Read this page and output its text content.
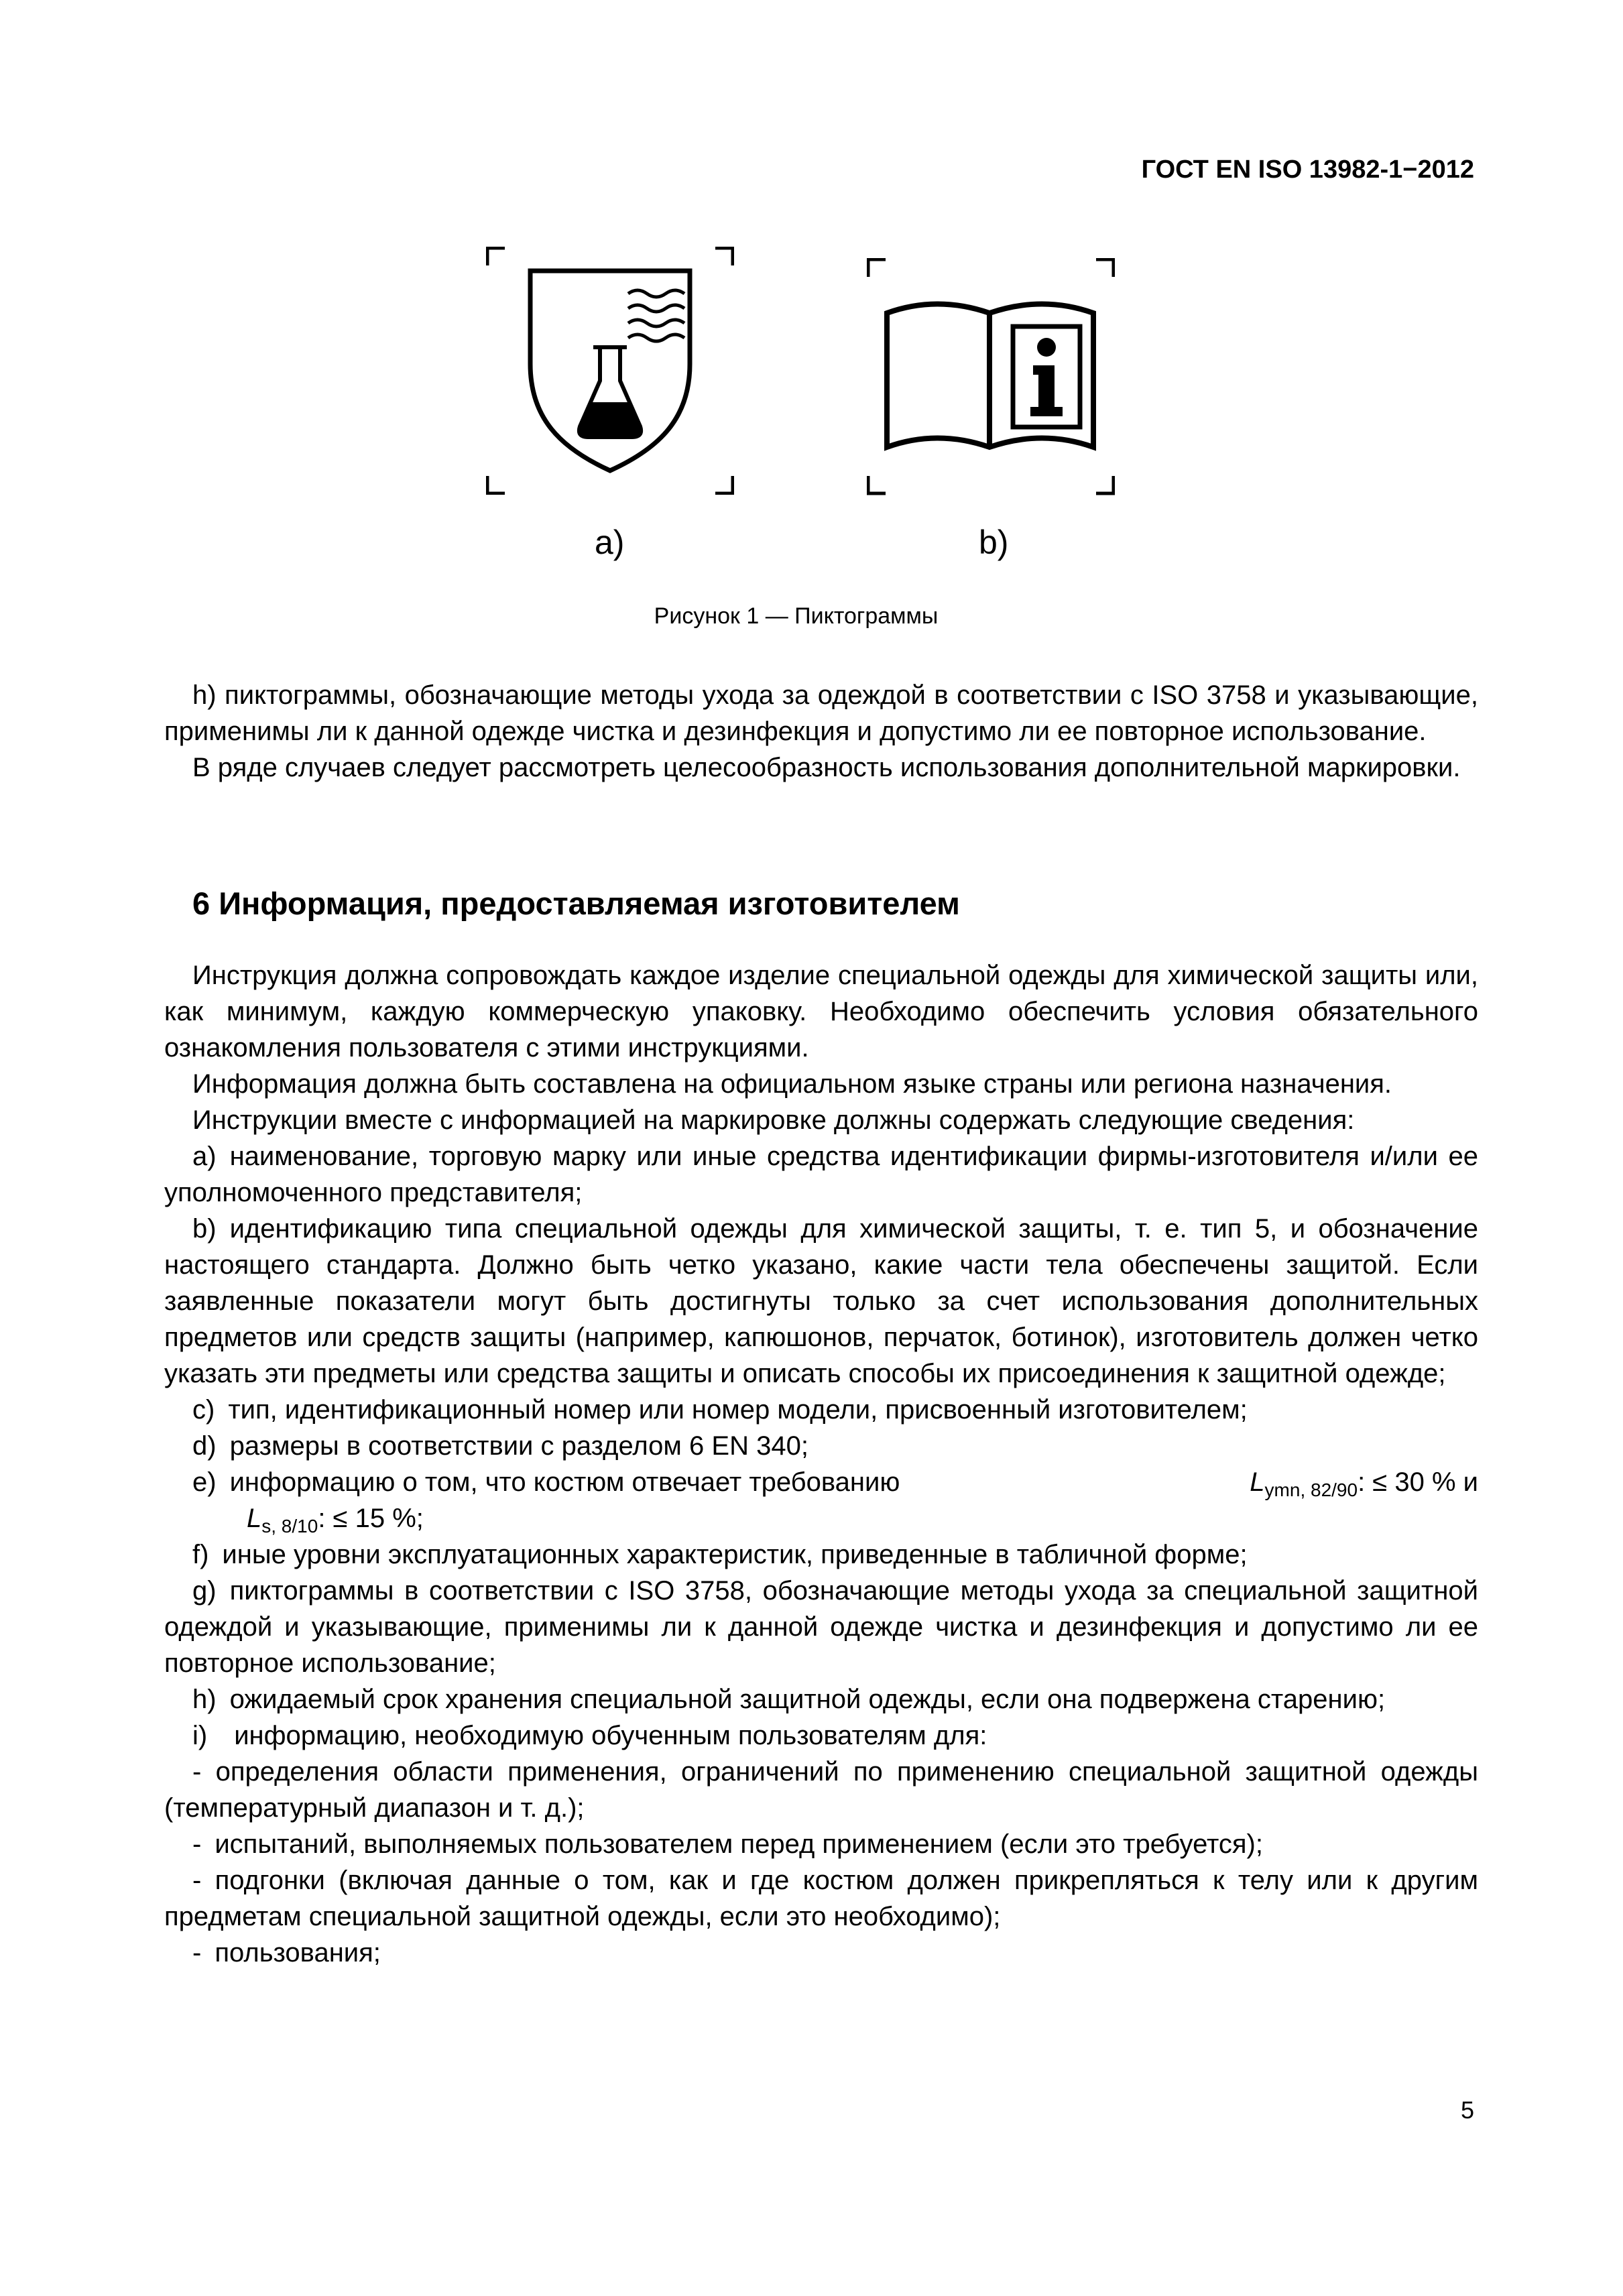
ГОСТ EN ISO 13982-1−2012
a)	b)
Рисунок 1 — Пиктограммы

h) пиктограммы, обозначающие методы ухода за одеждой в соответствии с ISO 3758 и указывающие, применимы ли к данной одежде чистка и дезинфекция и допустимо ли ее повторное использование.

В ряде случаев следует рассмотреть целесообразность использования дополнительной маркировки.

6 Информация, предоставляемая изготовителем

Инструкция должна сопровождать каждое изделие специальной одежды для химической защиты или, как минимум, каждую коммерческую упаковку. Необходимо обеспечить условия обязательного ознакомления пользователя с этими инструкциями.

Информация должна быть составлена на официальном языке страны или региона назначения.

Инструкции вместе с информацией на маркировке должны содержать следующие сведения:

a) наименование, торговую марку или иные средства идентификации фирмы-изготовителя и/или ее уполномоченного представителя;

b) идентификацию типа специальной одежды для химической защиты, т. е. тип 5, и обозначение настоящего стандарта. Должно быть четко указано, какие части тела обеспечены защитой. Если заявленные показатели могут быть достигнуты только за счет использования дополнительных предметов или средств защиты (например, капюшонов, перчаток, ботинок), изготовитель должен четко указать эти предметы или средства защиты и описать способы их присоединения к защитной одежде;

c) тип, идентификационный номер или номер модели, присвоенный изготовителем;

d) размеры в соответствии с разделом 6 EN 340;

e) информацию о том, что костюм отвечает требованию	$L_{ymn, 82/90}$: ≤ 30 % и
$L_{s, 8/10}$: ≤ 15 %;

f) иные уровни эксплуатационных характеристик, приведенные в табличной форме;

g) пиктограммы в соответствии с ISO 3758, обозначающие методы ухода за специальной защитной одеждой и указывающие, применимы ли к данной одежде чистка и дезинфекция и допустимо ли ее повторное использование;

h) ожидаемый срок хранения специальной защитной одежды, если она подвержена старению;

i)  информацию, необходимую обученным пользователям для:

- определения области применения, ограничений по применению специальной защитной одежды (температурный диапазон и т. д.);

- испытаний, выполняемых пользователем перед применением (если это требуется);

- подгонки (включая данные о том, как и где костюм должен прикрепляться к телу или к другим предметам специальной защитной одежды, если это необходимо);

- пользования;

5
